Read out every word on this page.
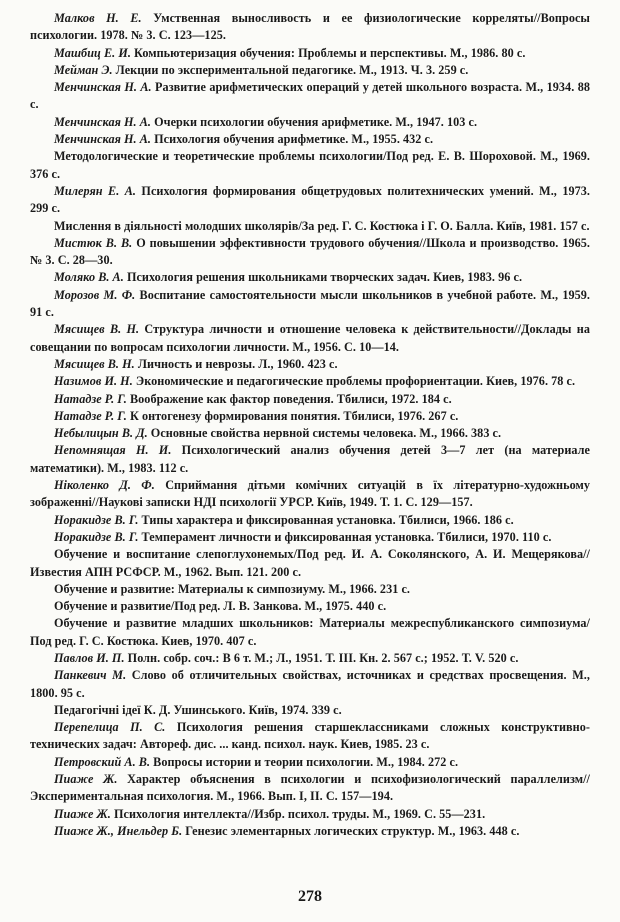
Малков Н. Е. Умственная выносливость и ее физиологические корреляты//Вопросы психологии. 1978. № 3. С. 123—125.

Машбиц Е. И. Компьютеризация обучения: Проблемы и перспективы. М., 1986. 80 с.

Мейман Э. Лекции по экспериментальной педагогике. М., 1913. Ч. 3. 259 с.

Менчинская Н. А. Развитие арифметических операций у детей школьного возраста. М., 1934. 88 с.

Менчинская Н. А. Очерки психологии обучения арифметике. М., 1947. 103 с.

Менчинская Н. А. Психология обучения арифметике. М., 1955. 432 с.

Методологические и теоретические проблемы психологии/Под ред. Е. В. Шороховой. М., 1969. 376 с.

Милерян Е. А. Психология формирования общетрудовых политехнических умений. М., 1973. 299 с.

Мислення в діяльності молодших школярів/За ред. Г. С. Костюка і Г. О. Балла. Київ, 1981. 157 с.

Мистюк В. В. О повышении эффективности трудового обучения//Школа и производство. 1965. № 3. С. 28—30.

Моляко В. А. Психология решения школьниками творческих задач. Киев, 1983. 96 с.

Морозов М. Ф. Воспитание самостоятельности мысли школьников в учебной работе. М., 1959. 91 с.

Мясищев В. Н. Структура личности и отношение человека к действительности//Доклады на совещании по вопросам психологии личности. М., 1956. С. 10—14.

Мясищев В. Н. Личность и неврозы. Л., 1960. 423 с.

Назимов И. Н. Экономические и педагогические проблемы профориентации. Киев, 1976. 78 с.

Натадзе Р. Г. Воображение как фактор поведения. Тбилиси, 1972. 184 с.

Натадзе Р. Г. К онтогенезу формирования понятия. Тбилиси, 1976. 267 с.

Небылицын В. Д. Основные свойства нервной системы человека. М., 1966. 383 с.

Непомнящая Н. И. Психологический анализ обучения детей 3—7 лет (на материале математики). М., 1983. 112 с.

Ніколенко Д. Ф. Сприймання дітьми комічних ситуацій в їх літературно-художньому зображенні//Наукові записки НДІ психології УРСР. Київ, 1949. Т. 1. С. 129—157.

Норакидзе В. Г. Типы характера и фиксированная установка. Тбилиси, 1966. 186 с.

Норакидзе В. Г. Темперамент личности и фиксированная установка. Тбилиси, 1970. 110 с.

Обучение и воспитание слепоглухонемых/Под ред. И. А. Соколянского, А. И. Мещерякова//Известия АПН РСФСР. М., 1962. Вып. 121. 200 с.

Обучение и развитие: Материалы к симпозиуму. М., 1966. 231 с.

Обучение и развитие/Под ред. Л. В. Занкова. М., 1975. 440 с.

Обучение и развитие младших школьников: Материалы межреспубликанского симпозиума/Под ред. Г. С. Костюка. Киев, 1970. 407 с.

Павлов И. П. Полн. собр. соч.: В 6 т. М.; Л., 1951. Т. III. Кн. 2. 567 с.; 1952. Т. V. 520 с.

Панкевич М. Слово об отличительных свойствах, источниках и средствах просвещения. М., 1800. 95 с.

Педагогічні ідеї К. Д. Ушинського. Київ, 1974. 339 с.

Перепелица П. С. Психология решения старшеклассниками сложных конструктивно-технических задач: Автореф. дис. ... канд. психол. наук. Киев, 1985. 23 с.

Петровский А. В. Вопросы истории и теории психологии. М., 1984. 272 с.

Пиаже Ж. Характер объяснения в психологии и психофизиологический параллелизм//Экспериментальная психология. М., 1966. Вып. I, II. С. 157—194.

Пиаже Ж. Психология интеллекта//Избр. психол. труды. М., 1969. С. 55—231.

Пиаже Ж., Инельдер Б. Генезис элементарных логических структур. М., 1963. 448 с.

278
